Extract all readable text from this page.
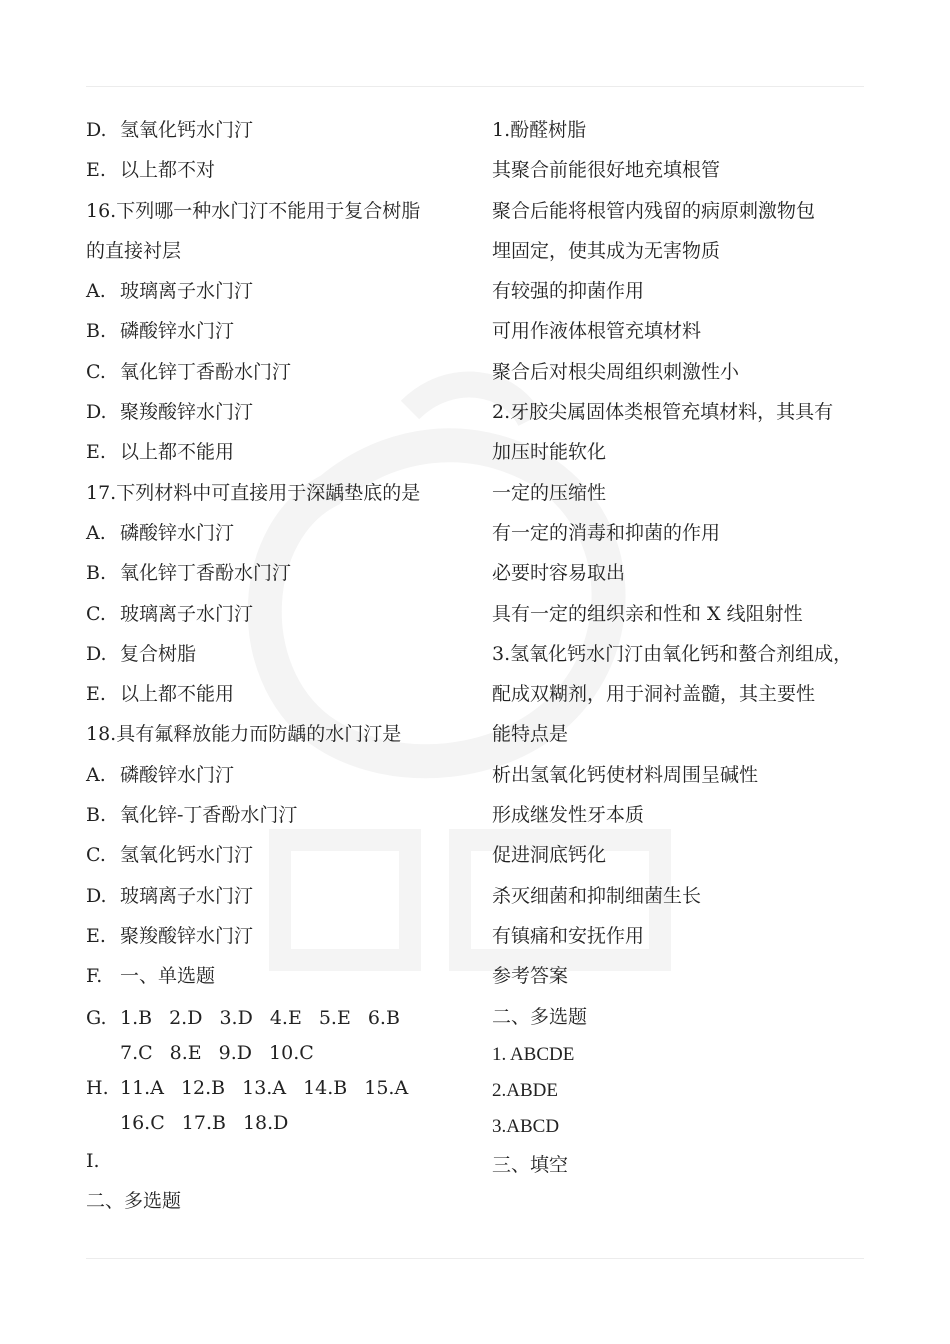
D. 氢氧化钙水门汀
E. 以上都不对
16.下列哪一种水门汀不能用于复合树脂
的直接衬层
A. 玻璃离子水门汀
B. 磷酸锌水门汀
C. 氧化锌丁香酚水门汀
D. 聚羧酸锌水门汀
E. 以上都不能用
17.下列材料中可直接用于深龋垫底的是
A. 磷酸锌水门汀
B. 氧化锌丁香酚水门汀
C. 玻璃离子水门汀
D. 复合树脂
E. 以上都不能用
18.具有氟释放能力而防龋的水门汀是
A. 磷酸锌水门汀
B. 氧化锌-丁香酚水门汀
C. 氢氧化钙水门汀
D. 玻璃离子水门汀
E. 聚羧酸锌水门汀
F. 一、单选题
G. 1.B 2.D 3.D 4.E 5.E 6.B
7.C 8.E 9.D 10.C
H. 11.A 12.B 13.A 14.B 15.A
16.C 17.B 18.D
I.
二、多选题
1.酚醛树脂
其聚合前能很好地充填根管
聚合后能将根管内残留的病原刺激物包
埋固定，使其成为无害物质
有较强的抑菌作用
可用作液体根管充填材料
聚合后对根尖周组织刺激性小
2.牙胶尖属固体类根管充填材料，其具有
加压时能软化
一定的压缩性
有一定的消毒和抑菌的作用
必要时容易取出
具有一定的组织亲和性和 X 线阻射性
3.氢氧化钙水门汀由氧化钙和螯合剂组成，
配成双糊剂，用于洞衬盖髓，其主要性
能特点是
析出氢氧化钙使材料周围呈碱性
形成继发性牙本质
促进洞底钙化
杀灭细菌和抑制细菌生长
有镇痛和安抚作用
参考答案
二、多选题
1. ABCDE
2.ABDE
3.ABCD
三、填空
